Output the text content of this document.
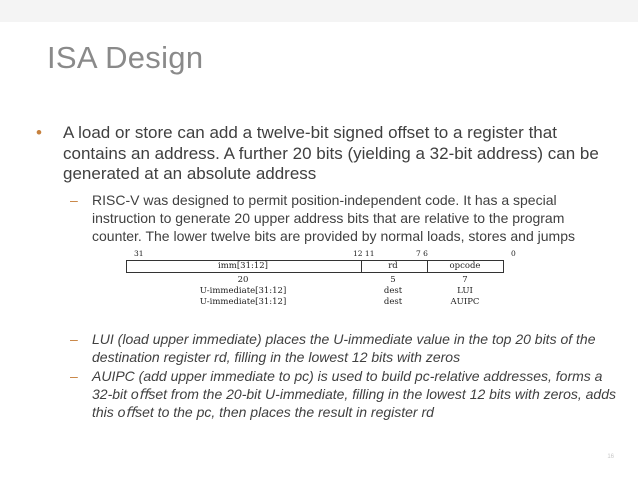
ISA Design
• A load or store can add a twelve-bit signed offset to a register that contains an address. A further 20 bits (yielding a 32-bit address) can be generated at an absolute address
– RISC-V was designed to permit position-independent code. It has a special instruction to generate 20 upper address bits that are relative to the program counter. The lower twelve bits are provided by normal loads, stores and jumps
31	12 11	7 6	0
imm[31:12]	rd	opcode
20	5	7
U-immediate[31:12]	dest	LUI
U-immediate[31:12]	dest	AUIPC
– LUI (load upper immediate) places the U-immediate value in the top 20 bits of the destination register rd, filling in the lowest 12 bits with zeros
– AUIPC (add upper immediate to pc) is used to build pc-relative addresses, forms a 32-bit oﬀset from the 20-bit U-immediate, filling in the lowest 12 bits with zeros, adds this oﬀset to the pc, then places the result in register rd
16
